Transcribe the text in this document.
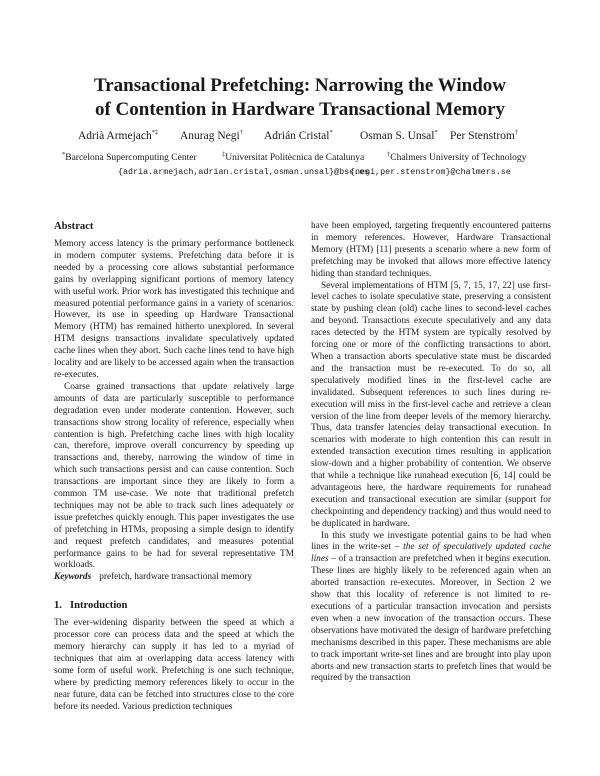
Transactional Prefetching: Narrowing the Window
of Contention in Hardware Transactional Memory
Adrià Armejach*‡ Anurag Negi† Adrián Cristal* Osman S. Unsal* Per Stenstrom†
*Barcelona Supercomputing Center	‡Universitat Politècnica de Catalunya	†Chalmers University of Technology
{adria.armejach,adrian.cristal,osman.unsal}@bsc.es
{negi,per.stenstrom}@chalmers.se
Abstract

Memory access latency is the primary performance bottleneck in modern computer systems. Prefetching data before it is needed by a processing core allows substantial performance gains by overlapping significant portions of memory latency with useful work. Prior work has investigated this technique and measured potential performance gains in a variety of scenarios. However, its use in speeding up Hardware Transactional Memory (HTM) has remained hitherto unexplored. In several HTM designs transactions invalidate speculatively updated cache lines when they abort. Such cache lines tend to have high locality and are likely to be accessed again when the transaction re-executes.

Coarse grained transactions that update relatively large amounts of data are particularly susceptible to performance degradation even under moderate contention. However, such transactions show strong locality of reference, especially when contention is high. Prefetching cache lines with high locality can, therefore, improve overall concurrency by speeding up transactions and, thereby, narrowing the window of time in which such transactions persist and can cause contention. Such transactions are important since they are likely to form a common TM use-case. We note that traditional prefetch techniques may not be able to track such lines adequately or issue prefetches quickly enough. This paper investigates the use of prefetching in HTMs, proposing a simple design to identify and request prefetch candidates, and measures potential performance gains to be had for several representative TM workloads.

Keywords prefetch, hardware transactional memory

1. Introduction

The ever-widening disparity between the speed at which a processor core can process data and the speed at which the memory hierarchy can supply it has led to a myriad of techniques that aim at overlapping data access latency with some form of useful work. Prefetching is one such technique, where by predicting memory references likely to occur in the near future, data can be fetched into structures close to the core before its needed. Various prediction techniques

have been employed, targeting frequently encountered patterns in memory references. However, Hardware Transactional Memory (HTM) [11] presents a scenario where a new form of prefetching may be invoked that allows more effective latency hiding than standard techniques.

Several implementations of HTM [5, 7, 15, 17, 22] use first-level caches to isolate speculative state, preserving a consistent state by pushing clean (old) cache lines to second-level caches and beyond. Transactions execute speculatively and any data races detected by the HTM system are typically resolved by forcing one or more of the conflicting transactions to abort. When a transaction aborts speculative state must be discarded and the transaction must be re-executed. To do so, all speculatively modified lines in the first-level cache are invalidated. Subsequent references to such lines during re-execution will miss in the first-level cache and retrieve a clean version of the line from deeper levels of the memory hierarchy. Thus, data transfer latencies delay transactional execution. In scenarios with moderate to high contention this can result in extended transaction execution times resulting in application slow-down and a higher probability of contention. We observe that while a technique like runahead execution [6, 14] could be advantageous here, the hardware requirements for runahead execution and transactional execution are similar (support for checkpointing and dependency tracking) and thus would need to be duplicated in hardware.

In this study we investigate potential gains to be had when lines in the write-set – the set of speculatively updated cache lines – of a transaction are prefetched when it begins execution. These lines are highly likely to be referenced again when an aborted transaction re-executes. Moreover, in Section 2 we show that this locality of reference is not limited to re-executions of a particular transaction invocation and persists even when a new invocation of the transaction occurs. These observations have motivated the design of hardware prefetching mechanisms described in this paper. These mechanisms are able to track important write-set lines and are brought into play upon aborts and new transaction starts to prefetch lines that would be required by the transaction
